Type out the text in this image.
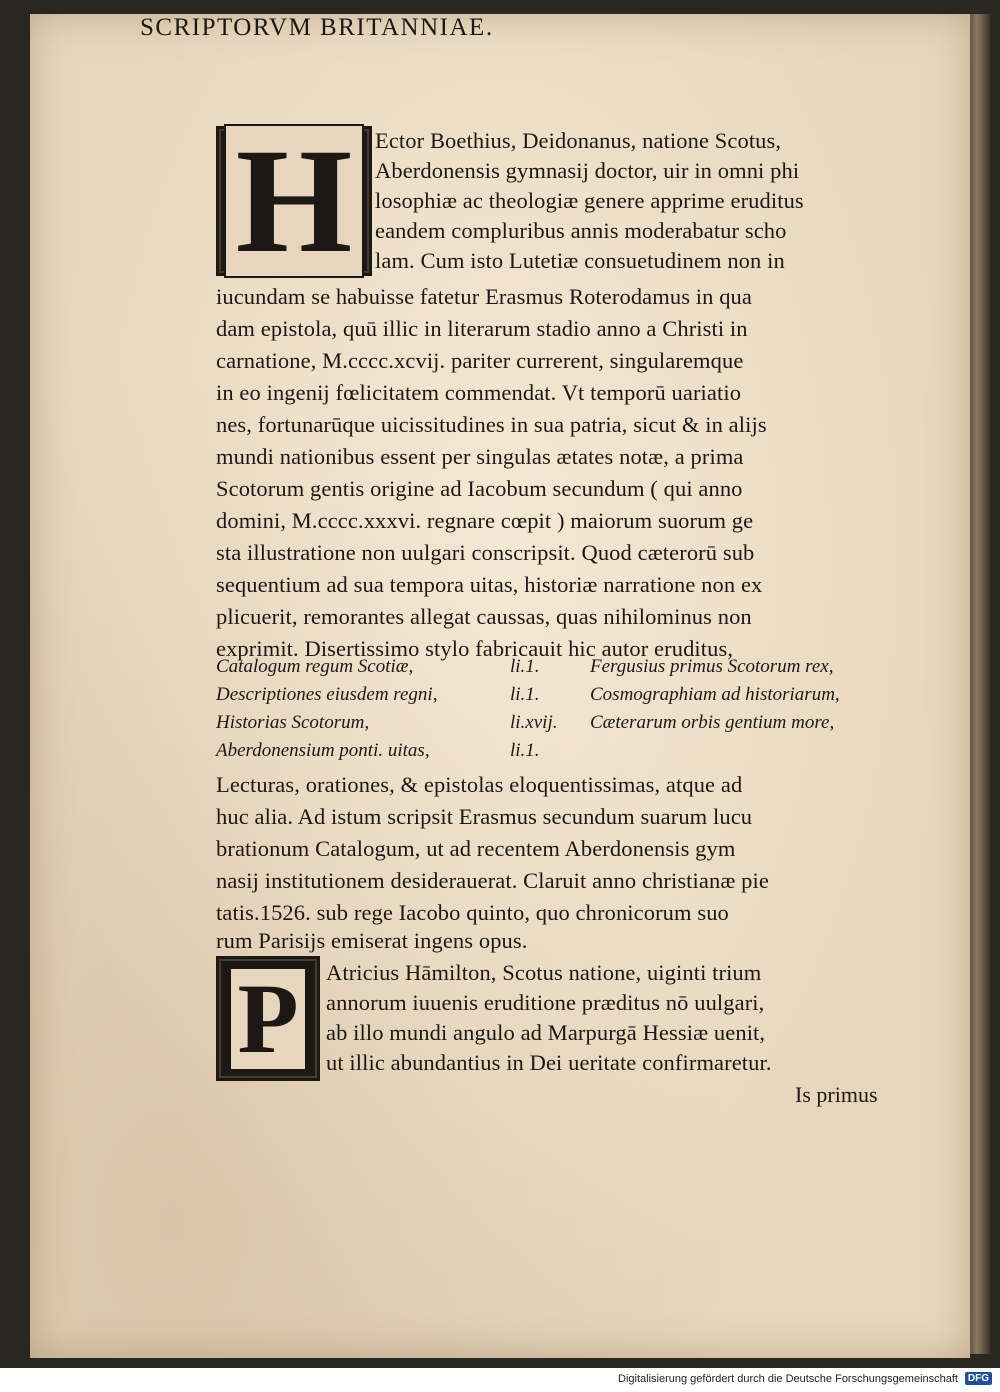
SCRIPTORVM BRITANNIAE.
H	Ector Boethius, Deidonanus, natione Scotus,
Aberdonensis gymnasij doctor, uir in omni phi
losophiæ ac theologiæ genere apprime eruditus
eandem compluribus annis moderabatur scho
lam. Cum isto Lutetiæ consuetudinem non in
iucundam se habuisse fatetur Erasmus Roterodamus in qua
dam epistola, quū illic in literarum stadio anno a Christi in
carnatione, M.cccc.xcvij. pariter currerent, singularemque
in eo ingenij fœlicitatem commendat. Vt temporū uariatio
nes, fortunarūque uicissitudines in sua patria, sicut & in alijs
mundi nationibus essent per singulas ætates notæ, a prima
Scotorum gentis origine ad Iacobum secundum ( qui anno
domini, M.cccc.xxxvi. regnare cœpit ) maiorum suorum ge
sta illustratione non uulgari conscripsit. Quod cæterorū sub
sequentium ad sua tempora uitas, historiæ narratione non ex
plicuerit, remorantes allegat caussas, quas nihilominus non
exprimit. Disertissimo stylo fabricauit hic autor eruditus,
Catalogum regum Scotiæ,	li.1.	Fergusius primus Scotorum rex,
Descriptiones eiusdem regni,	li.1.	Cosmographiam ad historiarum,
Historias Scotorum,	li.xvij. Cæterarum orbis gentium more,
Aberdonensium ponti. uitas,	li.1.
Lecturas, orationes, & epistolas eloquentissimas, atque ad
huc alia. Ad istum scripsit Erasmus secundum suarum lucu
brationum Catalogum, ut ad recentem Aberdonensis gym
nasij institutionem desiderauerat. Claruit anno christianæ pie
tatis.1526. sub rege Iacobo quinto, quo chronicorum suo
rum Parisijs emiserat ingens opus.
P	Atricius Hāmilton, Scotus natione, uiginti trium
annorum iuuenis eruditione præditus nō uulgari,
ab illo mundi angulo ad Marpurgā Hessiæ uenit,
ut illic abundantius in Dei ueritate confirmaretur.
Is primus
Digitalisierung gefördert durch die Deutsche Forschungsgemeinschaft DFG
